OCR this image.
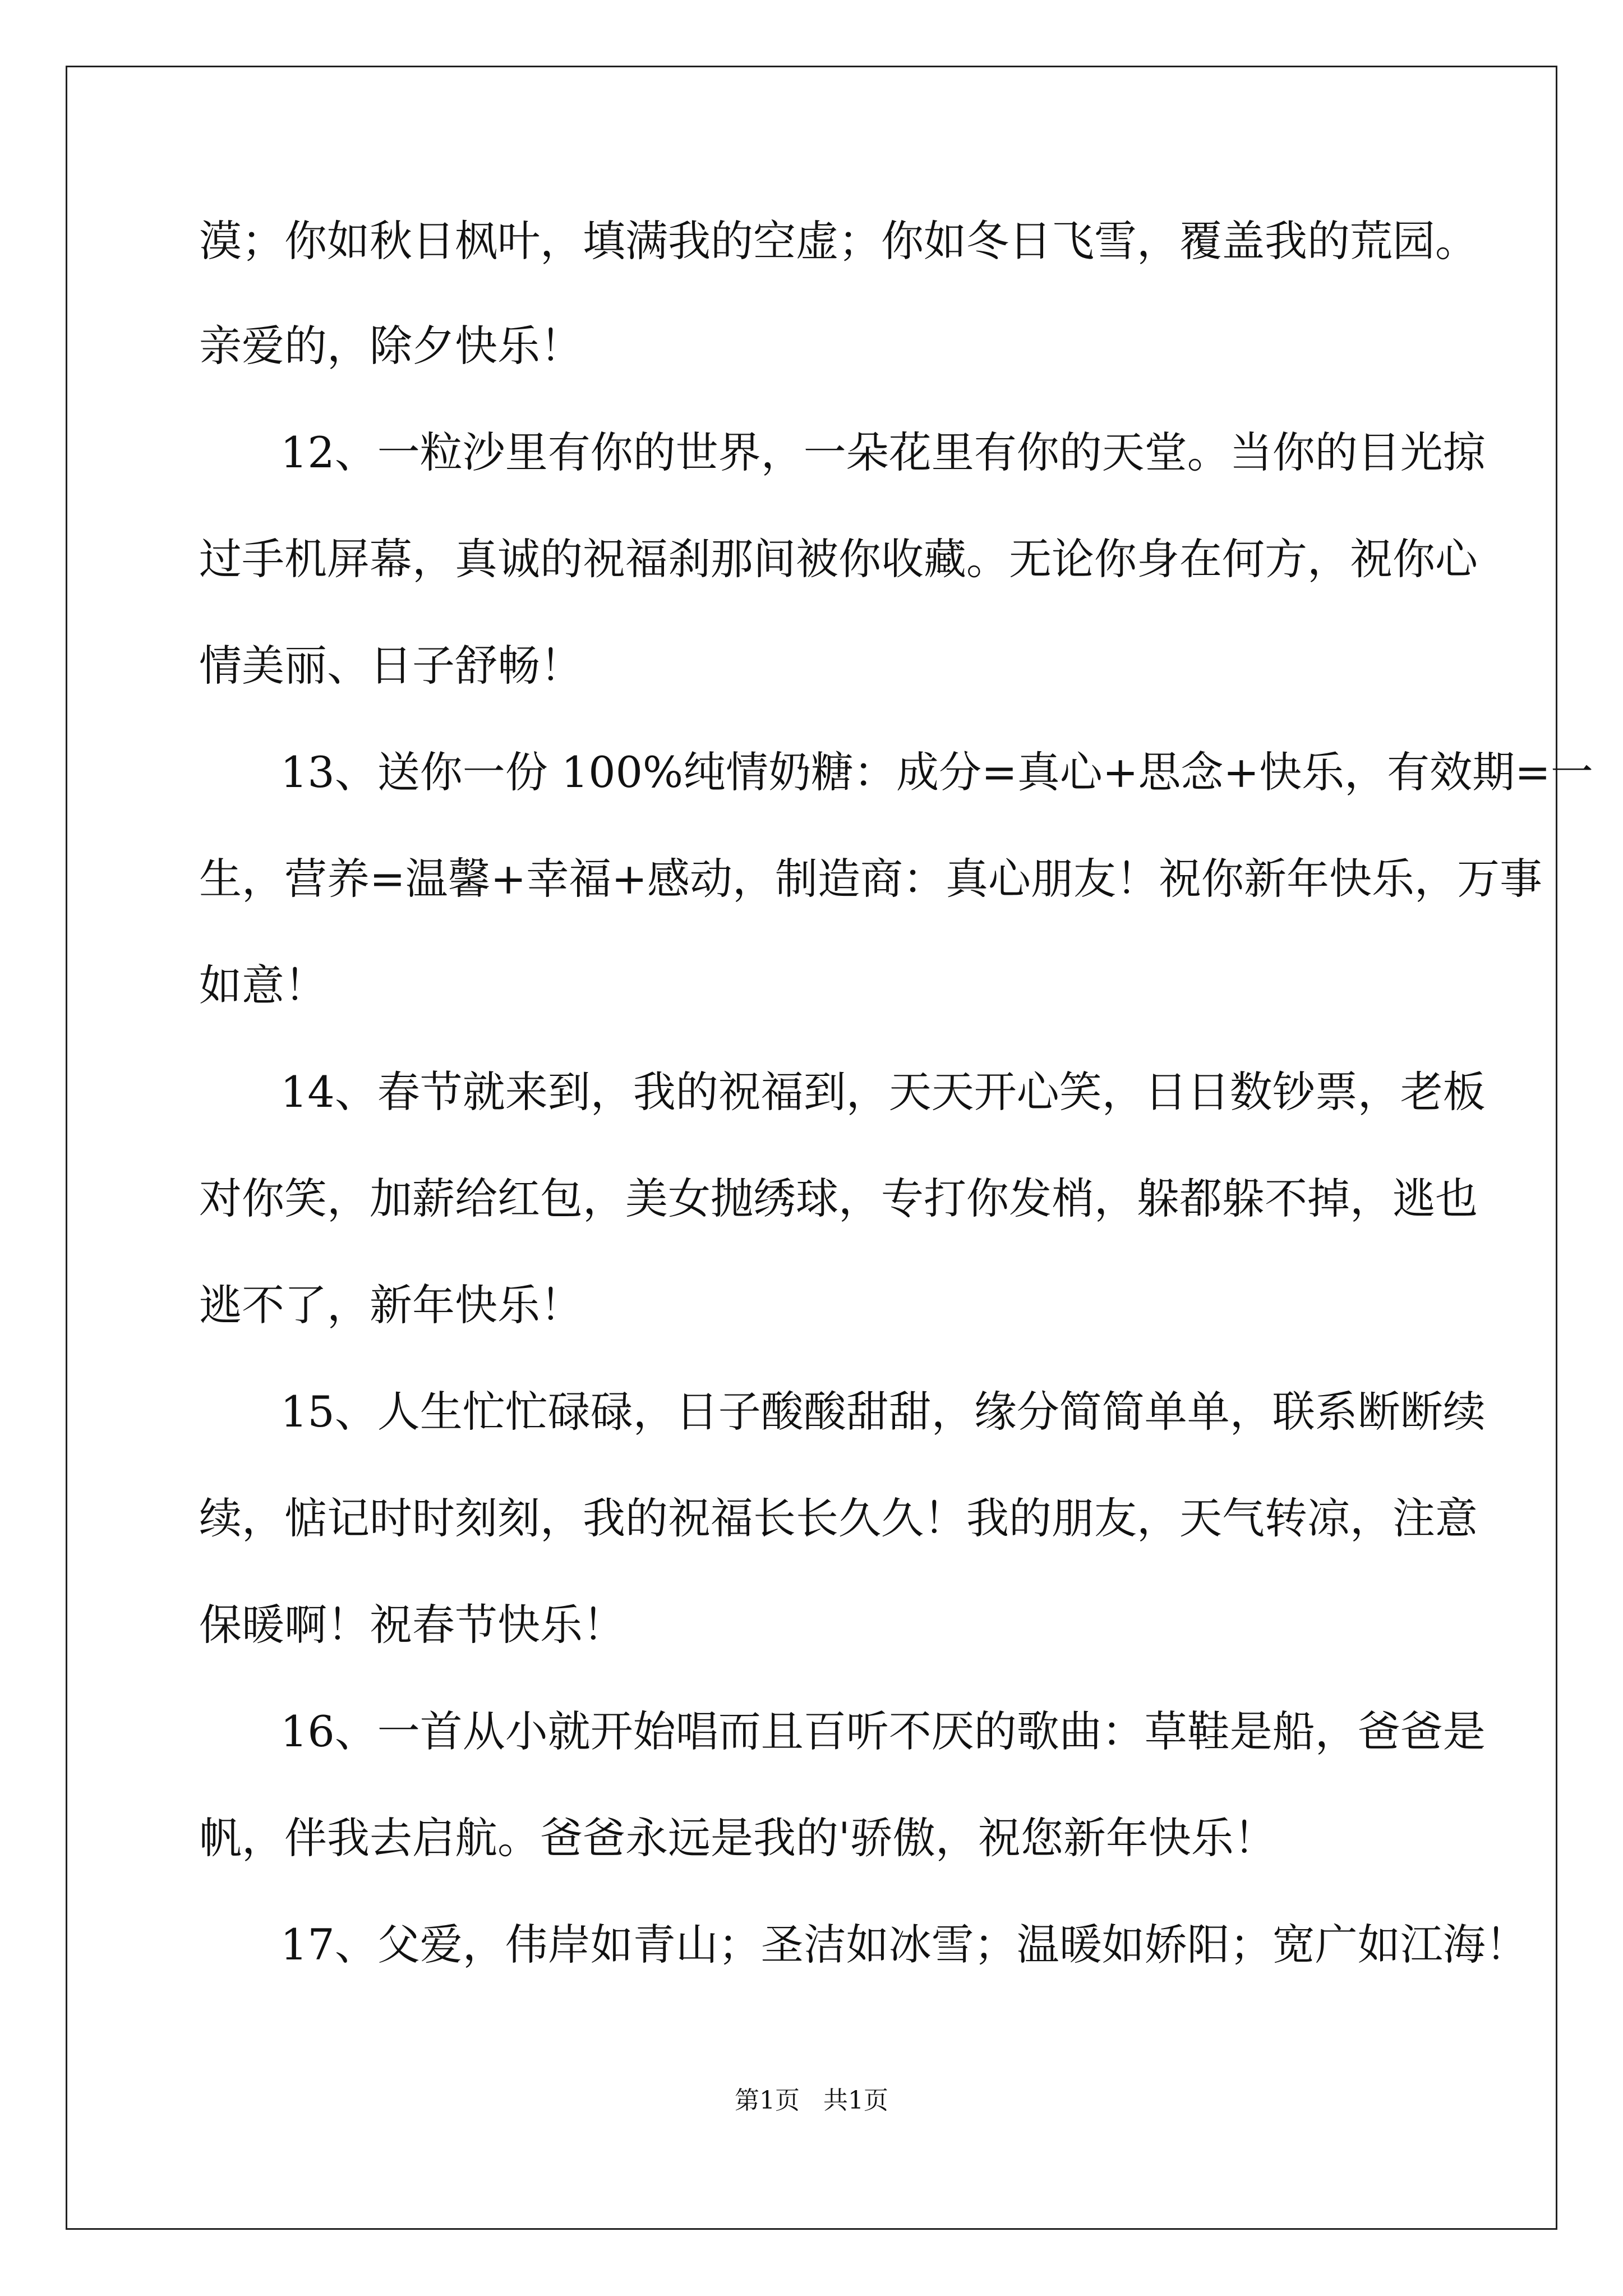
漠；你如秋日枫叶，填满我的空虚；你如冬日飞雪，覆盖我的荒园。
亲爱的，除夕快乐！
12、一粒沙里有你的世界，一朵花里有你的天堂。当你的目光掠
过手机屏幕，真诚的祝福刹那间被你收藏。无论你身在何方，祝你心
情美丽、日子舒畅！
13、送你一份 100%纯情奶糖：成分=真心+思念+快乐，有效期=一
生，营养=温馨+幸福+感动，制造商：真心朋友！祝你新年快乐，万事
如意！
14、春节就来到，我的祝福到，天天开心笑，日日数钞票，老板
对你笑，加薪给红包，美女抛绣球，专打你发梢，躲都躲不掉，逃也
逃不了，新年快乐！
15、人生忙忙碌碌，日子酸酸甜甜，缘分简简单单，联系断断续
续，惦记时时刻刻，我的祝福长长久久！我的朋友，天气转凉，注意
保暖啊！祝春节快乐！
16、一首从小就开始唱而且百听不厌的歌曲：草鞋是船，爸爸是
帆，伴我去启航。爸爸永远是我的'骄傲，祝您新年快乐！
17、父爱，伟岸如青山；圣洁如冰雪；温暖如娇阳；宽广如江海！
第1页   共1页
